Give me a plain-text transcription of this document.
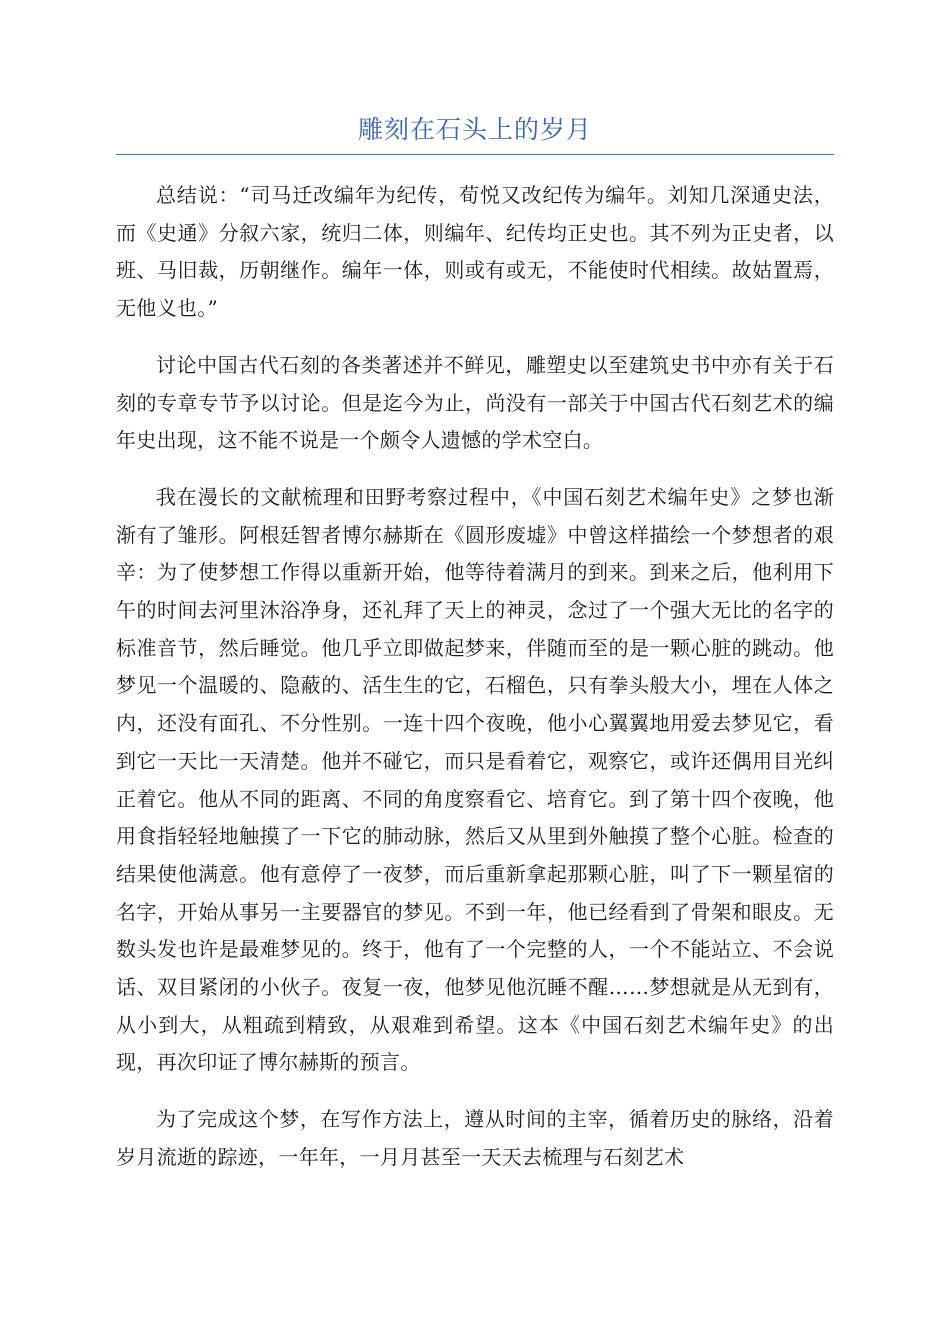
雕刻在石头上的岁月

总结说：“司马迁改编年为纪传，荀悦又改纪传为编年。刘知几深通史法，而《史通》分叙六家，统归二体，则编年、纪传均正史也。其不列为正史者，以班、马旧裁，历朝继作。编年一体，则或有或无，不能使时代相续。故姑置焉，无他义也。”

讨论中国古代石刻的各类著述并不鲜见，雕塑史以至建筑史书中亦有关于石刻的专章专节予以讨论。但是迄今为止，尚没有一部关于中国古代石刻艺术的编年史出现，这不能不说是一个颇令人遗憾的学术空白。

我在漫长的文献梳理和田野考察过程中，《中国石刻艺术编年史》之梦也渐渐有了雏形。阿根廷智者博尔赫斯在《圆形废墟》中曾这样描绘一个梦想者的艰辛：为了使梦想工作得以重新开始，他等待着满月的到来。到来之后，他利用下午的时间去河里沐浴净身，还礼拜了天上的神灵，念过了一个强大无比的名字的标准音节，然后睡觉。他几乎立即做起梦来，伴随而至的是一颗心脏的跳动。他梦见一个温暖的、隐蔽的、活生生的它，石榴色，只有拳头般大小，埋在人体之内，还没有面孔、不分性别。一连十四个夜晚，他小心翼翼地用爱去梦见它，看到它一天比一天清楚。他并不碰它，而只是看着它，观察它，或许还偶用目光纠正着它。他从不同的距离、不同的角度察看它、培育它。到了第十四个夜晚，他用食指轻轻地触摸了一下它的肺动脉，然后又从里到外触摸了整个心脏。检查的结果使他满意。他有意停了一夜梦，而后重新拿起那颗心脏，叫了下一颗星宿的名字，开始从事另一主要器官的梦见。不到一年，他已经看到了骨架和眼皮。无数头发也许是最难梦见的。终于，他有了一个完整的人，一个不能站立、不会说话、双目紧闭的小伙子。夜复一夜，他梦见他沉睡不醒……梦想就是从无到有，从小到大，从粗疏到精致，从艰难到希望。这本《中国石刻艺术编年史》的出现，再次印证了博尔赫斯的预言。

为了完成这个梦，在写作方法上，遵从时间的主宰，循着历史的脉络，沿着岁月流逝的踪迹，一年年，一月月甚至一天天去梳理与石刻艺术
